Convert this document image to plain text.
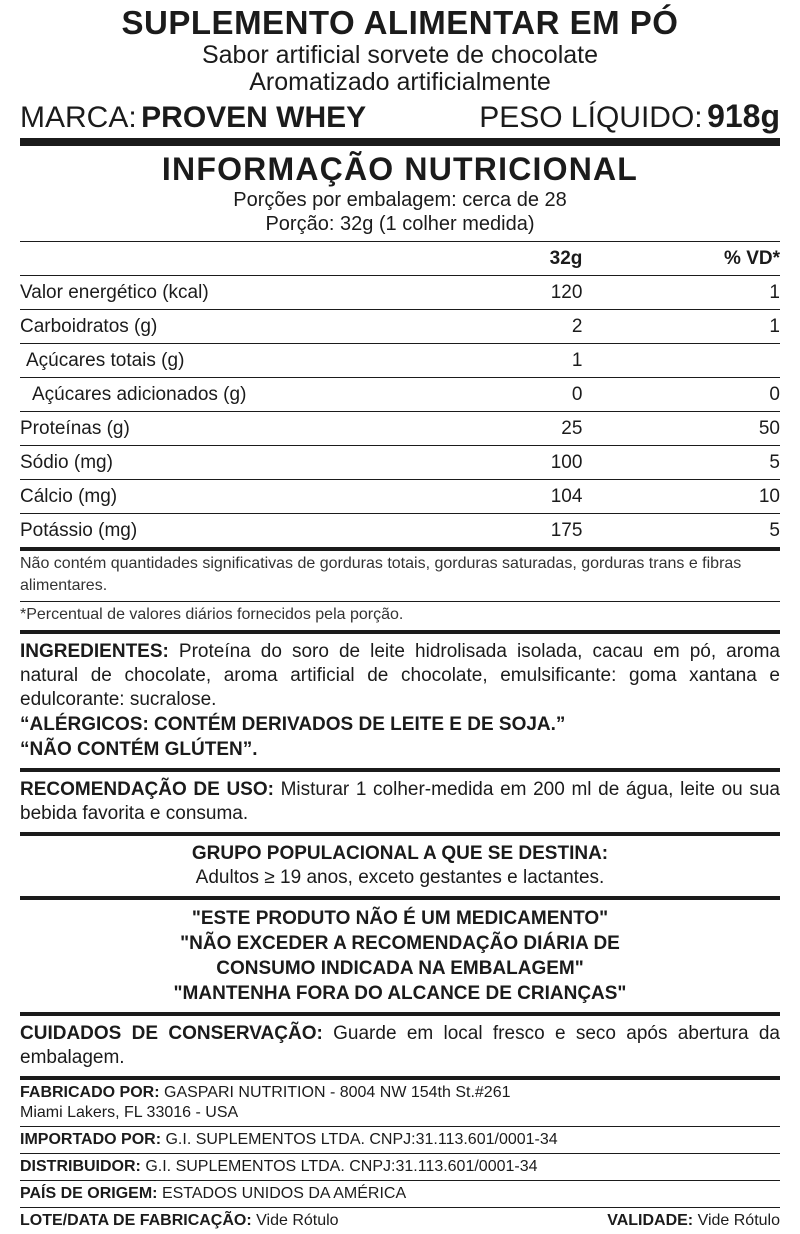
SUPLEMENTO ALIMENTAR EM PÓ
Sabor artificial sorvete de chocolate
Aromatizado artificialmente
MARCA: PROVEN WHEY	PESO LÍQUIDO: 918g
INFORMAÇÃO NUTRICIONAL
Porções por embalagem: cerca de 28
Porção: 32g (1 colher medida)
	32g	% VD*
Valor energético (kcal)	120	1
Carboidratos (g)	2	1
Açúcares totais (g)	1	
Açúcares adicionados (g)	0	0
Proteínas (g)	25	50
Sódio (mg)	100	5
Cálcio (mg)	104	10
Potássio (mg)	175	5
Não contém quantidades significativas de gorduras totais, gorduras saturadas, gorduras trans e fibras alimentares.
*Percentual de valores diários fornecidos pela porção.
INGREDIENTES: Proteína do soro de leite hidrolisada isolada, cacau em pó, aroma natural de chocolate, aroma artificial de chocolate, emulsificante: goma xantana e edulcorante: sucralose.
“ALÉRGICOS: CONTÉM DERIVADOS DE LEITE E DE SOJA.”
“NÃO CONTÉM GLÚTEN”.
RECOMENDAÇÃO DE USO: Misturar 1 colher-medida em 200 ml de água, leite ou sua bebida favorita e consuma.
GRUPO POPULACIONAL A QUE SE DESTINA:
Adultos ≥ 19 anos, exceto gestantes e lactantes.
"ESTE PRODUTO NÃO É UM MEDICAMENTO"
"NÃO EXCEDER A RECOMENDAÇÃO DIÁRIA DE
CONSUMO INDICADA NA EMBALAGEM"
"MANTENHA FORA DO ALCANCE DE CRIANÇAS"
CUIDADOS DE CONSERVAÇÃO: Guarde em local fresco e seco após abertura da embalagem.
FABRICADO POR: GASPARI NUTRITION - 8004 NW 154th St.#261
Miami Lakers, FL 33016 - USA
IMPORTADO POR: G.I. SUPLEMENTOS LTDA. CNPJ:31.113.601/0001-34
DISTRIBUIDOR: G.I. SUPLEMENTOS LTDA. CNPJ:31.113.601/0001-34
PAÍS DE ORIGEM: ESTADOS UNIDOS DA AMÉRICA
LOTE/DATA DE FABRICAÇÃO: Vide Rótulo	VALIDADE: Vide Rótulo
